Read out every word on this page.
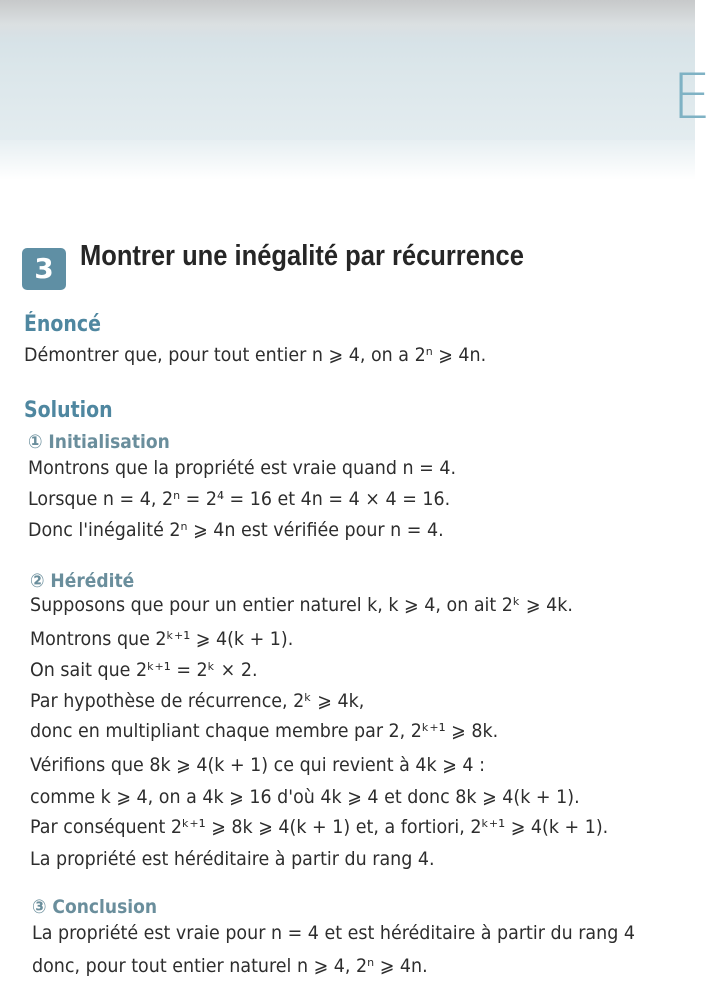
E
3 Montrer une inégalité par récurrence
Énoncé
Démontrer que, pour tout entier n ⩾ 4, on a 2ⁿ ⩾ 4n.
Solution
① Initialisation
Montrons que la propriété est vraie quand n = 4.
Lorsque n = 4, 2ⁿ = 2⁴ = 16 et 4n = 4 × 4 = 16.
Donc l'inégalité 2ⁿ ⩾ 4n est vérifiée pour n = 4.
② Hérédité
Supposons que pour un entier naturel k, k ⩾ 4, on ait 2ᵏ ⩾ 4k.
Montrons que 2ᵏ⁺¹ ⩾ 4(k + 1).
On sait que 2ᵏ⁺¹ = 2ᵏ × 2.
Par hypothèse de récurrence, 2ᵏ ⩾ 4k,
donc en multipliant chaque membre par 2, 2ᵏ⁺¹ ⩾ 8k.
Vérifions que 8k ⩾ 4(k + 1) ce qui revient à 4k ⩾ 4 :
comme k ⩾ 4, on a 4k ⩾ 16 d'où 4k ⩾ 4 et donc 8k ⩾ 4(k + 1).
Par conséquent 2ᵏ⁺¹ ⩾ 8k ⩾ 4(k + 1) et, a fortiori, 2ᵏ⁺¹ ⩾ 4(k + 1).
La propriété est héréditaire à partir du rang 4.
③ Conclusion
La propriété est vraie pour n = 4 et est héréditaire à partir du rang 4
donc, pour tout entier naturel n ⩾ 4, 2ⁿ ⩾ 4n.
